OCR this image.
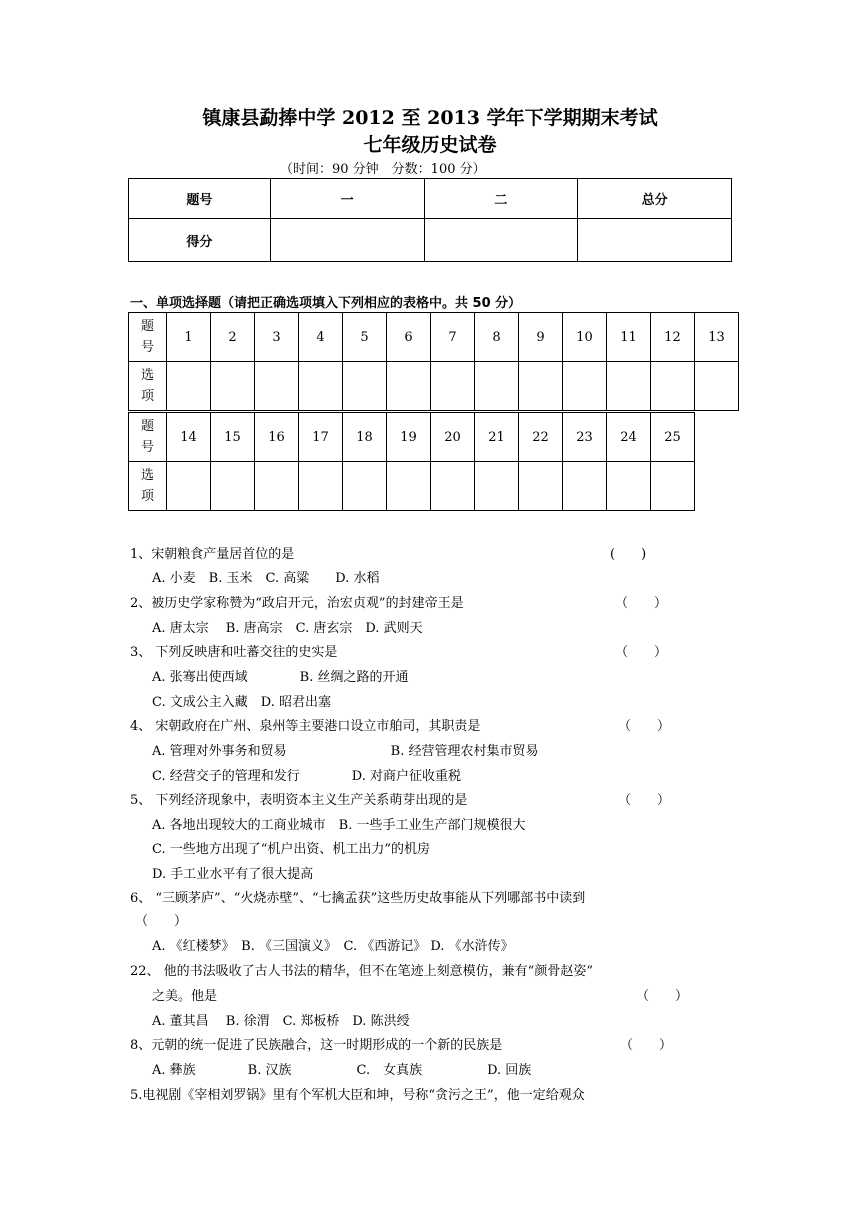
镇康县勐捧中学 2012 至 2013 学年下学期期末考试
七年级历史试卷
（时间：90 分钟　分数：100 分）
题号	一	二	总分
得分			
一、单项选择题（请把正确选项填入下列相应的表格中。共 50 分）
题
号	1	2	3	4	5	6	7	8	9	10	11	12	13
选
项													
题
号	14	15	16	17	18	19	20	21	22	23	24	25
选
项												
1、宋朝粮食产量居首位的是	(　　)
A. 小麦　B. 玉米　C. 高粱　　D. 水稻
2、被历史学家称赞为“政启开元，治宏贞观”的封建帝王是	（　　）
A. 唐太宗　 B. 唐高宗　C. 唐玄宗　D. 武则天
3、 下列反映唐和吐蕃交往的史实是	（　　）
A. 张骞出使西域　　　　B. 丝绸之路的开通
C. 文成公主入藏　D. 昭君出塞
4、 宋朝政府在广州、泉州等主要港口设立市舶司，其职责是	（　　）
A. 管理对外事务和贸易　　　　　　　　B. 经营管理农村集市贸易
C. 经营交子的管理和发行　　　　D. 对商户征收重税
5、 下列经济现象中，表明资本主义生产关系萌芽出现的是	（　　）
A. 各地出现较大的工商业城市　B. 一些手工业生产部门规模很大
C. 一些地方出现了“机户出资、机工出力”的机房
D. 手工业水平有了很大提高
6、 “三顾茅庐”、“火烧赤壁”、“七擒孟获”这些历史故事能从下列哪部书中读到
（　　）
A. 《红楼梦》　B. 《三国演义》　C. 《西游记》 D. 《水浒传》
22、 他的书法吸收了古人书法的精华，但不在笔迹上刻意模仿，兼有“颜骨赵姿”
之美。他是	（　　）
A. 董其昌　 B. 徐渭　C. 郑板桥　D. 陈洪绶
8、元朝的统一促进了民族融合，这一时期形成的一个新的民族是	（　　）
A. 彝族　　　　B. 汉族　　　　　C.　女真族　　　　　D. 回族
5.电视剧《宰相刘罗锅》里有个军机大臣和坤，号称“贪污之王”，他一定给观众
